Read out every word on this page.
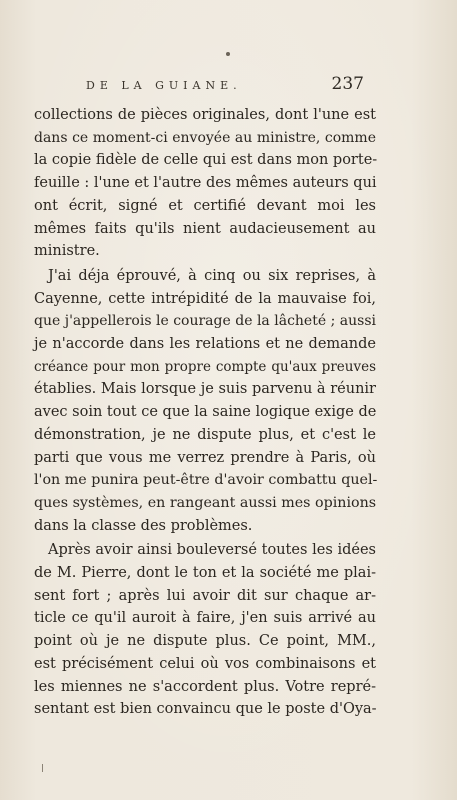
DE LA GUIANE.	237
collections de pièces originales, dont l'une est
dans ce moment-ci envoyée au ministre, comme
la copie fidèle de celle qui est dans mon porte-
feuille : l'une et l'autre des mêmes auteurs qui
ont écrit, signé et certifié devant moi les
mêmes faits qu'ils nient audacieusement au
ministre.
J'ai déja éprouvé, à cinq ou six reprises, à
Cayenne, cette intrépidité de la mauvaise foi,
que j'appellerois le courage de la lâcheté ; aussi
je n'accorde dans les relations et ne demande
créance pour mon propre compte qu'aux preuves
établies. Mais lorsque je suis parvenu à réunir
avec soin tout ce que la saine logique exige de
démonstration, je ne dispute plus, et c'est le
parti que vous me verrez prendre à Paris, où
l'on me punira peut-être d'avoir combattu quel-
ques systèmes, en rangeant aussi mes opinions
dans la classe des problèmes.
Après avoir ainsi bouleversé toutes les idées
de M. Pierre, dont le ton et la société me plai-
sent fort ; après lui avoir dit sur chaque ar-
ticle ce qu'il auroit à faire, j'en suis arrivé au
point où je ne dispute plus. Ce point, MM.,
est précisément celui où vos combinaisons et
les miennes ne s'accordent plus. Votre repré-
sentant est bien convaincu que le poste d'Oya-
